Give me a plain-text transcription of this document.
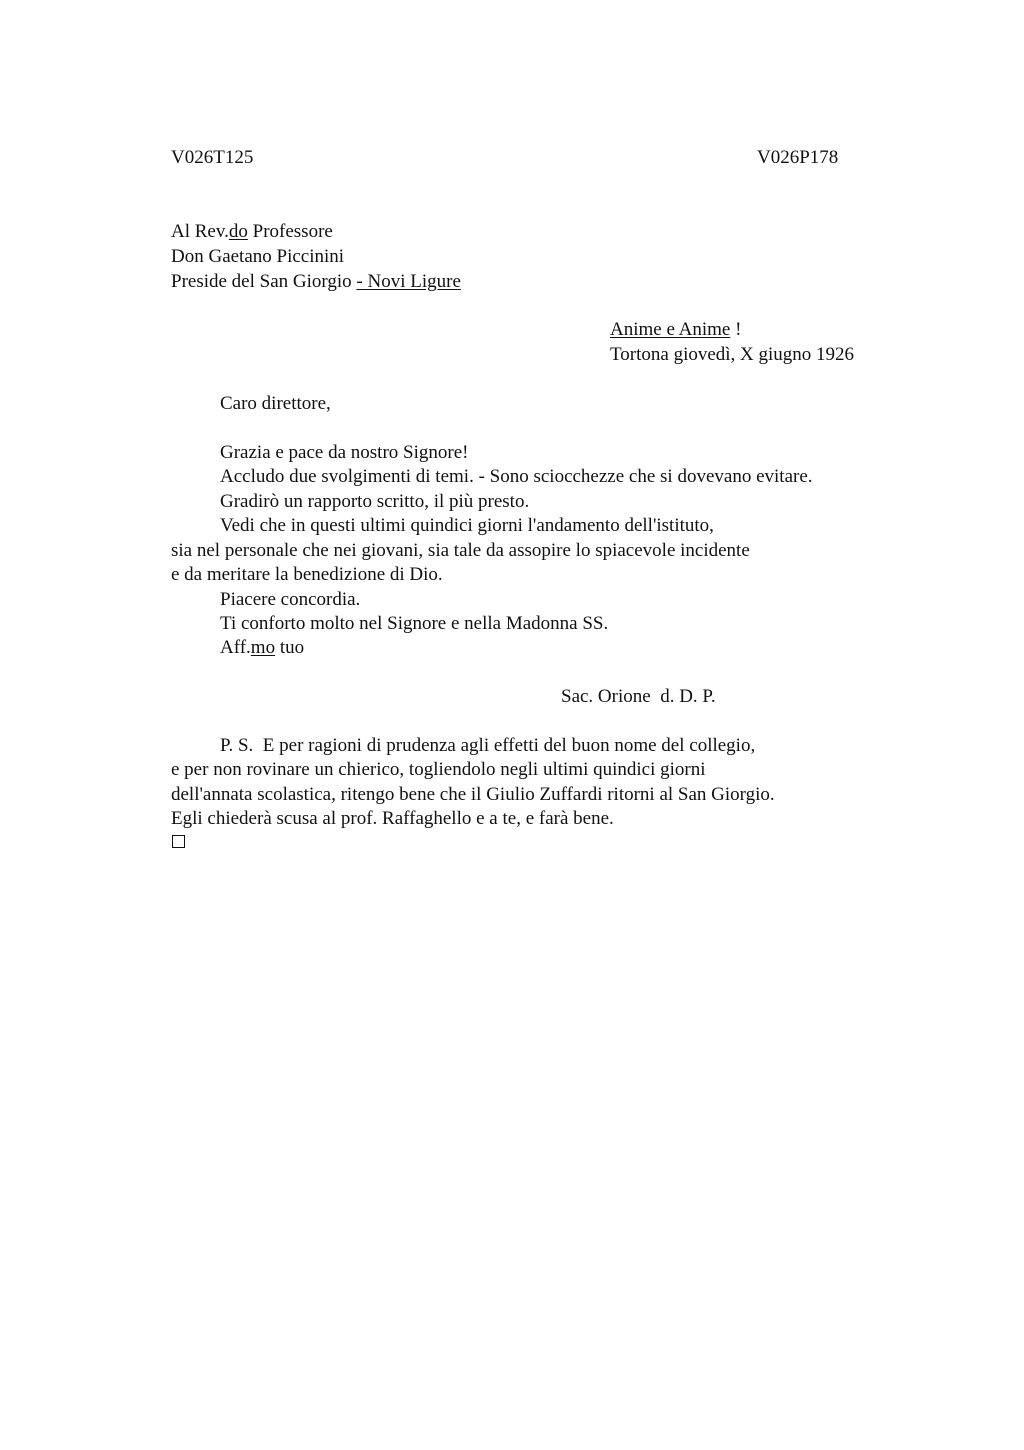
V026T125	V026P178
Al Rev.do Professore
Don Gaetano Piccinini
Preside del San Giorgio - Novi Ligure
Anime e Anime !
Tortona giovedì, X giugno 1926
Caro direttore,
Grazia e pace da nostro Signore!
Accludo due svolgimenti di temi. - Sono sciocchezze che si dovevano evitare.
Gradirò un rapporto scritto, il più presto.
Vedi che in questi ultimi quindici giorni l'andamento dell'istituto,
sia nel personale che nei giovani, sia tale da assopire lo spiacevole incidente
e da meritare la benedizione di Dio.
Piacere concordia.
Ti conforto molto nel Signore e nella Madonna SS.
Aff.mo tuo
Sac. Orione  d. D. P.
P. S.  E per ragioni di prudenza agli effetti del buon nome del collegio,
e per non rovinare un chierico, togliendolo negli ultimi quindici giorni
dell'annata scolastica, ritengo bene che il Giulio Zuffardi ritorni al San Giorgio.
Egli chiederà scusa al prof. Raffaghello e a te, e farà bene.
